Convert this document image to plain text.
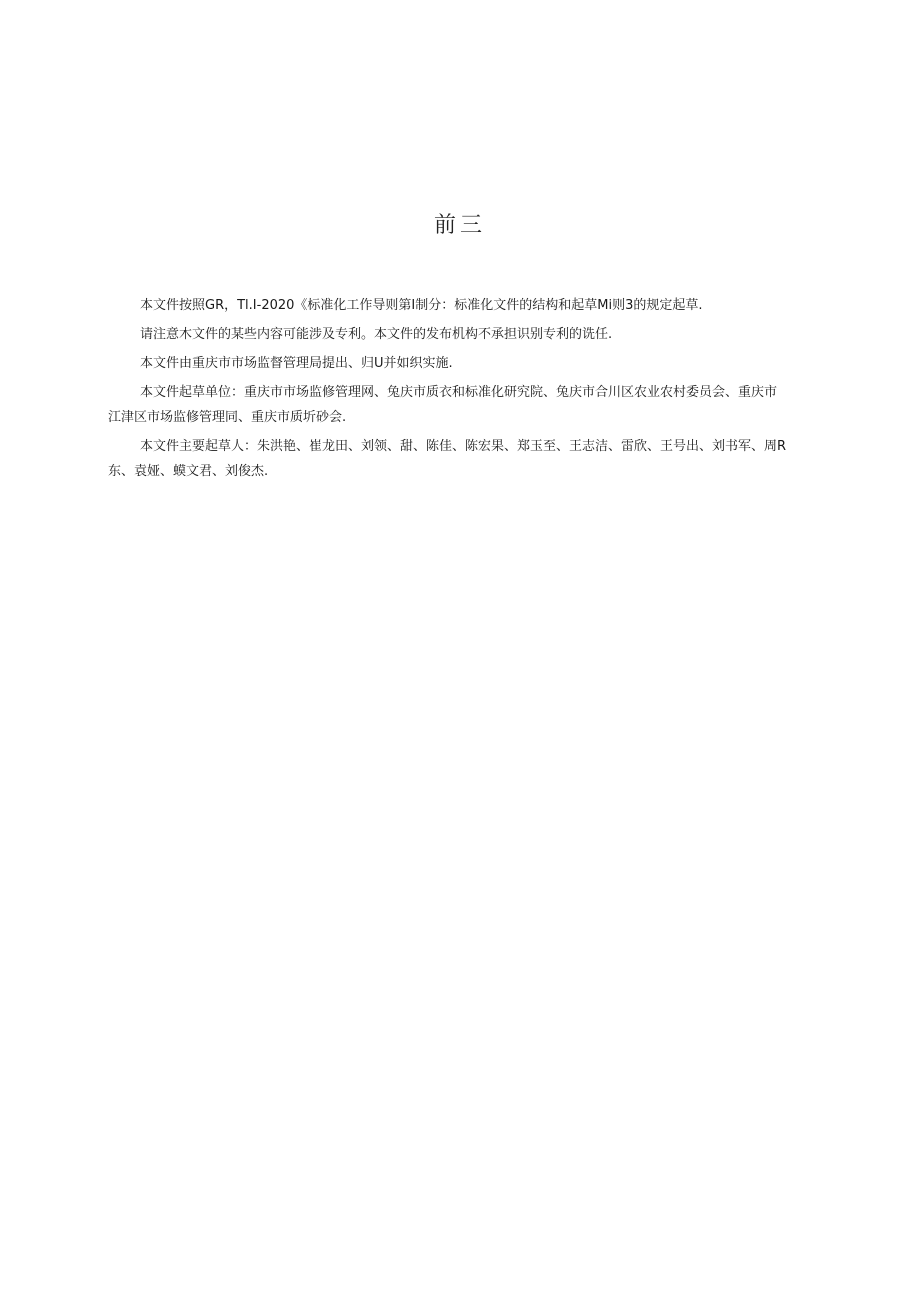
前三

本文件按照GR，Tl.I-2020《标准化工作导则第I制分：标准化文件的结构和起草Mi则3的规定起草.

请注意木文件的某些内容可能涉及专利。本文件的发布机构不承担识别专利的诜任.

本文件由重庆市市场监督管理局提出、归U并如织实施.

本文件起草单位：重庆市市场监修管理网、兔庆市质衣和标准化研究院、兔庆市合川区农业农村委员会、重庆市
江津区市场监修管理同、重庆市质圻砂会.

本文件主要起草人：朱洪艳、崔龙田、刘领、甜、陈佳、陈宏果、郑玉至、王志洁、雷欣、王号出、刘书军、周R
东、袁娅、蟆文君、刘俊杰.
